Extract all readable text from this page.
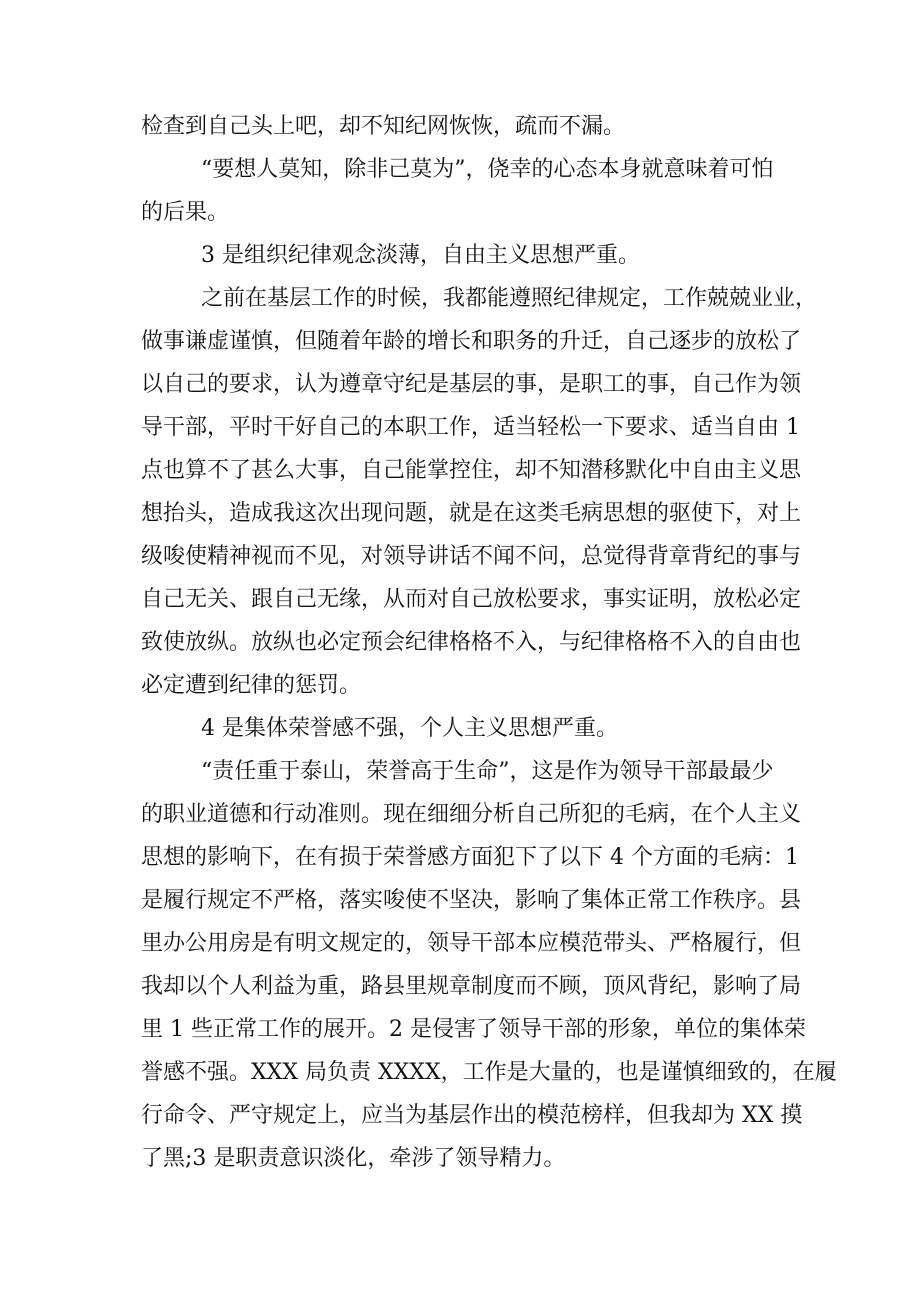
检查到自己头上吧，却不知纪网恢恢，疏而不漏。

“要想人莫知，除非己莫为”，侥幸的心态本身就意味着可怕

的后果。

3 是组织纪律观念淡薄，自由主义思想严重。

之前在基层工作的时候，我都能遵照纪律规定，工作兢兢业业，

做事谦虚谨慎，但随着年龄的增长和职务的升迁，自己逐步的放松了

以自己的要求，认为遵章守纪是基层的事，是职工的事，自己作为领

导干部，平时干好自己的本职工作，适当轻松一下要求、适当自由 1

点也算不了甚么大事，自己能掌控住，却不知潜移默化中自由主义思

想抬头，造成我这次出现问题，就是在这类毛病思想的驱使下，对上

级唆使精神视而不见，对领导讲话不闻不问，总觉得背章背纪的事与

自己无关、跟自己无缘，从而对自己放松要求，事实证明，放松必定

致使放纵。放纵也必定预会纪律格格不入，与纪律格格不入的自由也

必定遭到纪律的惩罚。

4 是集体荣誉感不强，个人主义思想严重。

“责任重于泰山，荣誉高于生命”，这是作为领导干部最最少

的职业道德和行动准则。现在细细分析自己所犯的毛病，在个人主义

思想的影响下，在有损于荣誉感方面犯下了以下 4 个方面的毛病：1

是履行规定不严格，落实唆使不坚决，影响了集体正常工作秩序。县

里办公用房是有明文规定的，领导干部本应模范带头、严格履行，但

我却以个人利益为重，路县里规章制度而不顾，顶风背纪，影响了局

里 1 些正常工作的展开。2 是侵害了领导干部的形象，单位的集体荣

誉感不强。XXX 局负责 XXXX，工作是大量的，也是谨慎细致的，在履

行命令、严守规定上，应当为基层作出的模范榜样，但我却为 XX 摸

了黑;3 是职责意识淡化，牵涉了领导精力。
